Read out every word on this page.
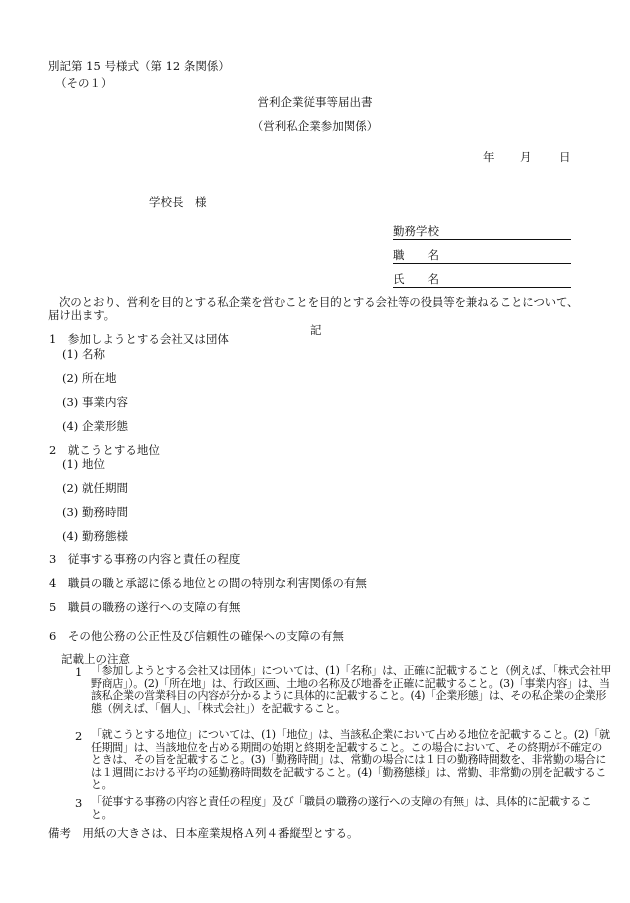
別記第 15 号様式（第 12 条関係）
（その１）
営利企業従事等届出書
（営利私企業参加関係）
年 月 日
学校長　様
勤務学校
職　　名
氏　　名
次のとおり、営利を目的とする私企業を営むことを目的とする会社等の役員等を兼ねることについて、届け出ます。
記
1　参加しようとする会社又は団体
(1) 名称
(2) 所在地
(3) 事業内容
(4) 企業形態
2　就こうとする地位
(1) 地位
(2) 就任期間
(3) 勤務時間
(4) 勤務態様
3　従事する事務の内容と責任の程度
4　職員の職と承認に係る地位との間の特別な利害関係の有無
5　職員の職務の遂行への支障の有無
6　その他公務の公正性及び信頼性の確保への支障の有無
記載上の注意
1 「参加しようとする会社又は団体」については、(1)「名称」は、正確に記載すること（例えば、「株式会社甲野商店」）。(2)「所在地」は、行政区画、土地の名称及び地番を正確に記載すること。(3)「事業内容」は、当該私企業の営業科目の内容が分かるように具体的に記載すること。(4)「企業形態」は、その私企業の企業形態（例えば、「個人」、「株式会社」）を記載すること。
2 「就こうとする地位」については、(1)「地位」は、当該私企業において占める地位を記載すること。(2)「就任期間」は、当該地位を占める期間の始期と終期を記載すること。この場合において、その終期が不確定のときは、その旨を記載すること。(3)「勤務時間」は、常勤の場合には１日の勤務時間数を、非常勤の場合には１週間における平均の延勤務時間数を記載すること。(4)「勤務態様」は、常勤、非常勤の別を記載すること。
3 「従事する事務の内容と責任の程度」及び「職員の職務の遂行への支障の有無」は、具体的に記載すること。
備考　用紙の大きさは、日本産業規格Ａ列４番縦型とする。
